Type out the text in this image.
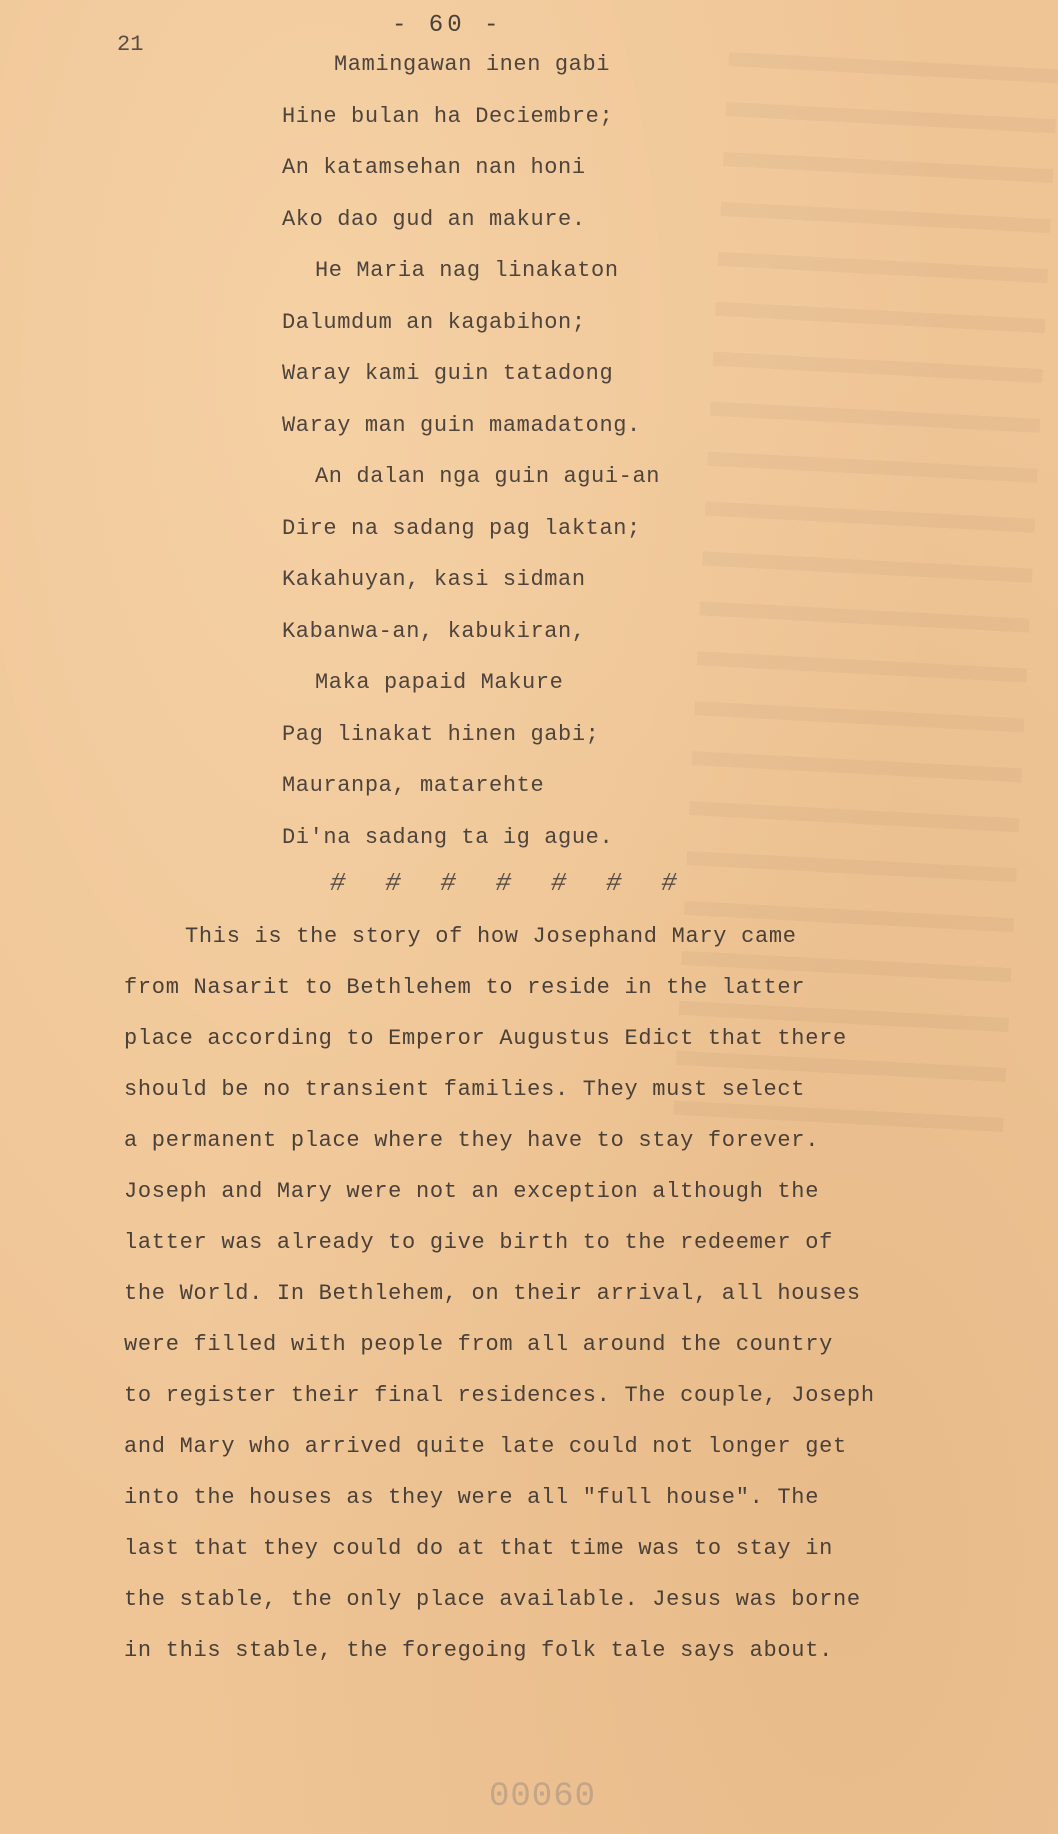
21
- 60 -
Mamingawan inen gabi
Hine bulan ha Deciembre;
An katamsehan nan honi
Ako dao gud an makure.
He Maria nag linakaton
Dalumdum an kagabihon;
Waray kami guin tatadong
Waray man guin mamadatong.
An dalan nga guin agui-an
Dire na sadang pag laktan;
Kakahuyan, kasi sidman
Kabanwa-an, kabukiran,
Maka papaid Makure
Pag linakat hinen gabi;
Mauranpa, matarehte
Di'na sadang ta ig ague.
# # # # # # #
This is the story of how Josephand Mary came
from Nasarit to Bethlehem to reside in the latter
place according to Emperor Augustus Edict that there
should be no transient families. They must select
a permanent place where they have to stay forever.
Joseph and Mary were not an exception although the
latter was already to give birth to the redeemer of
the World. In Bethlehem, on their arrival, all houses
were filled with people from all around the country
to register their final residences. The couple, Joseph
and Mary who arrived quite late could not longer get
into the houses as they were all "full house". The
last that they could do at that time was to stay in
the stable, the only place available. Jesus was borne
in this stable, the foregoing folk tale says about.
00060
